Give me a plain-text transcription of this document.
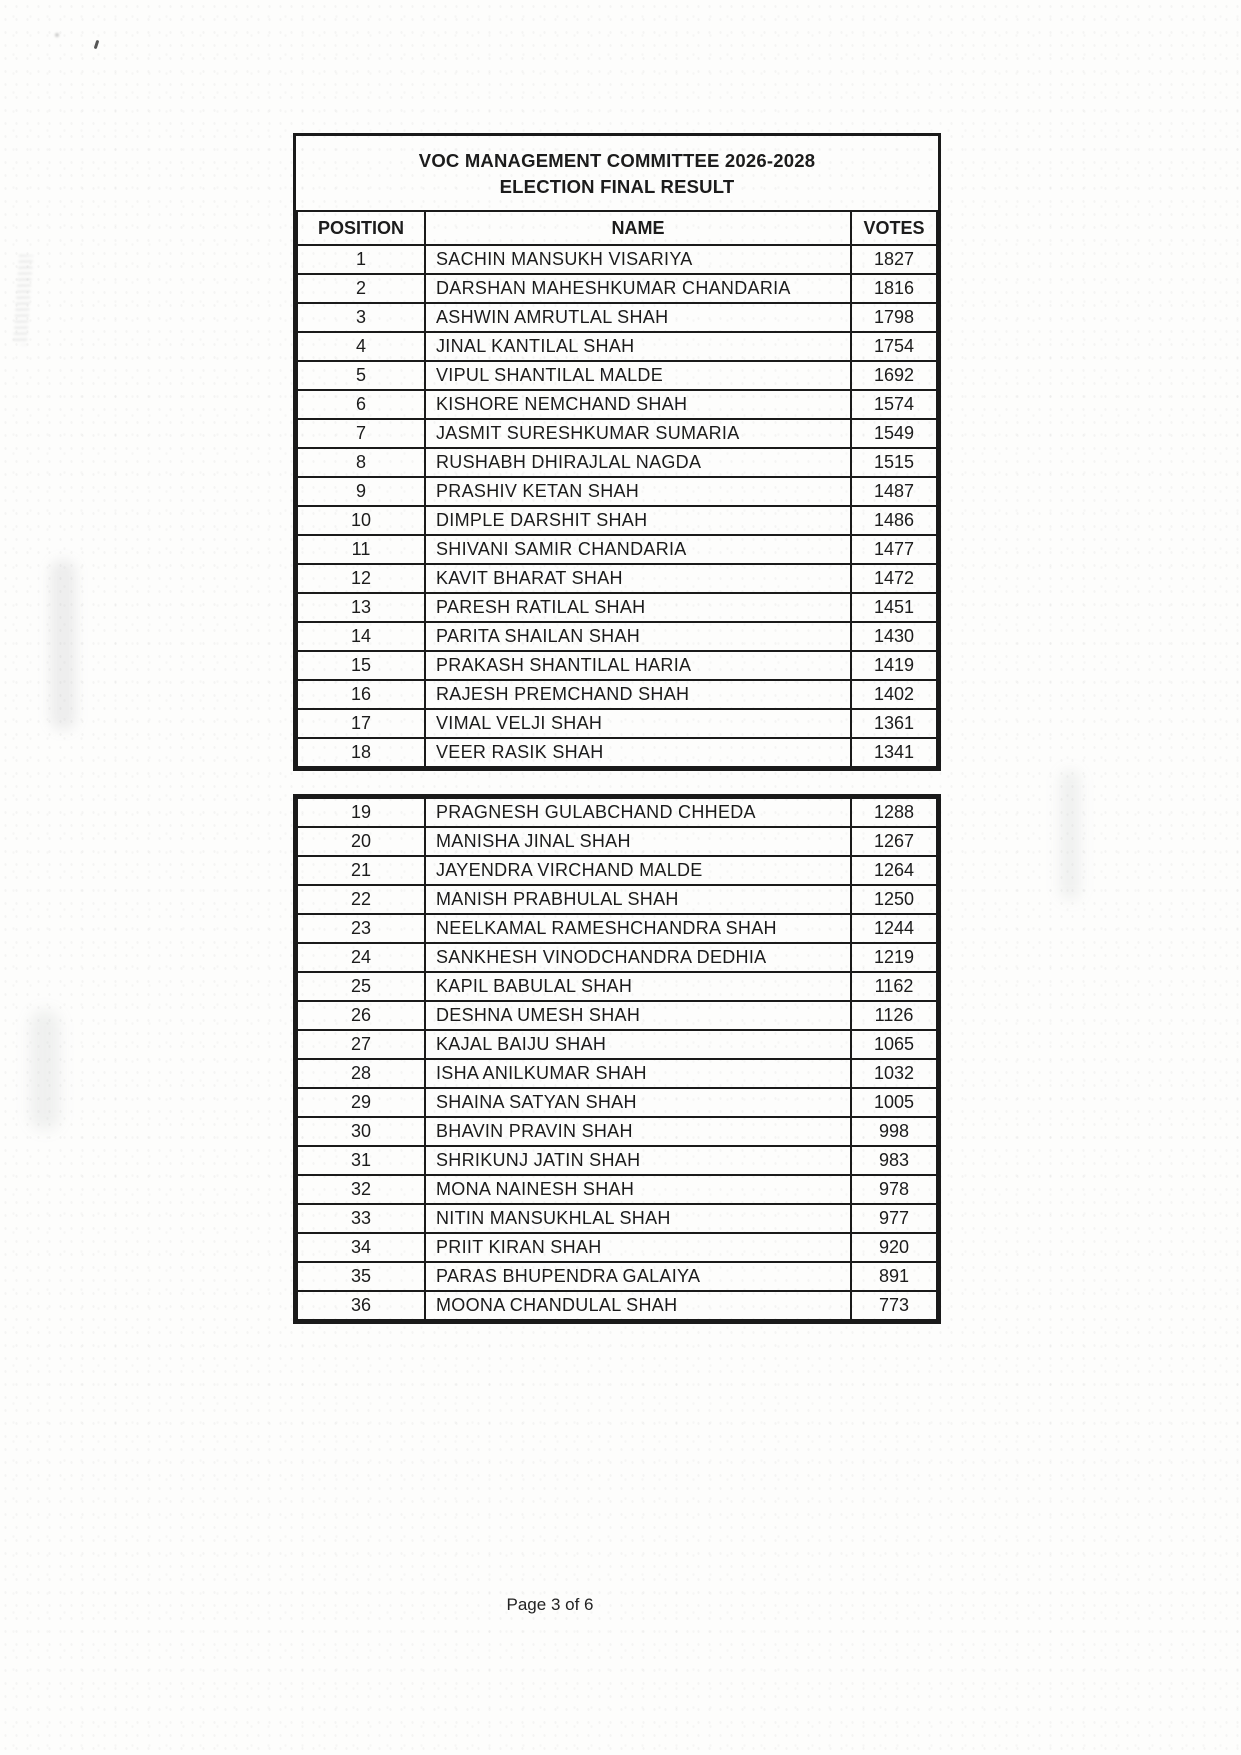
VOC MANAGEMENT COMMITTEE 2026-2028
ELECTION FINAL RESULT
POSITION	NAME	VOTES
1	SACHIN MANSUKH VISARIYA	1827
2	DARSHAN MAHESHKUMAR CHANDARIA	1816
3	ASHWIN AMRUTLAL SHAH	1798
4	JINAL KANTILAL SHAH	1754
5	VIPUL SHANTILAL MALDE	1692
6	KISHORE NEMCHAND SHAH	1574
7	JASMIT SURESHKUMAR SUMARIA	1549
8	RUSHABH DHIRAJLAL NAGDA	1515
9	PRASHIV KETAN SHAH	1487
10	DIMPLE DARSHIT SHAH	1486
11	SHIVANI SAMIR CHANDARIA	1477
12	KAVIT BHARAT SHAH	1472
13	PARESH RATILAL SHAH	1451
14	PARITA SHAILAN SHAH	1430
15	PRAKASH SHANTILAL HARIA	1419
16	RAJESH PREMCHAND SHAH	1402
17	VIMAL VELJI SHAH	1361
18	VEER RASIK SHAH	1341
19	PRAGNESH GULABCHAND CHHEDA	1288
20	MANISHA JINAL SHAH	1267
21	JAYENDRA VIRCHAND MALDE	1264
22	MANISH PRABHULAL SHAH	1250
23	NEELKAMAL RAMESHCHANDRA SHAH	1244
24	SANKHESH VINODCHANDRA DEDHIA	1219
25	KAPIL BABULAL SHAH	1162
26	DESHNA UMESH SHAH	1126
27	KAJAL BAIJU SHAH	1065
28	ISHA ANILKUMAR SHAH	1032
29	SHAINA SATYAN SHAH	1005
30	BHAVIN PRAVIN SHAH	998
31	SHRIKUNJ JATIN SHAH	983
32	MONA NAINESH SHAH	978
33	NITIN MANSUKHLAL SHAH	977
34	PRIIT KIRAN SHAH	920
35	PARAS BHUPENDRA GALAIYA	891
36	MOONA CHANDULAL SHAH	773
Page 3 of 6
